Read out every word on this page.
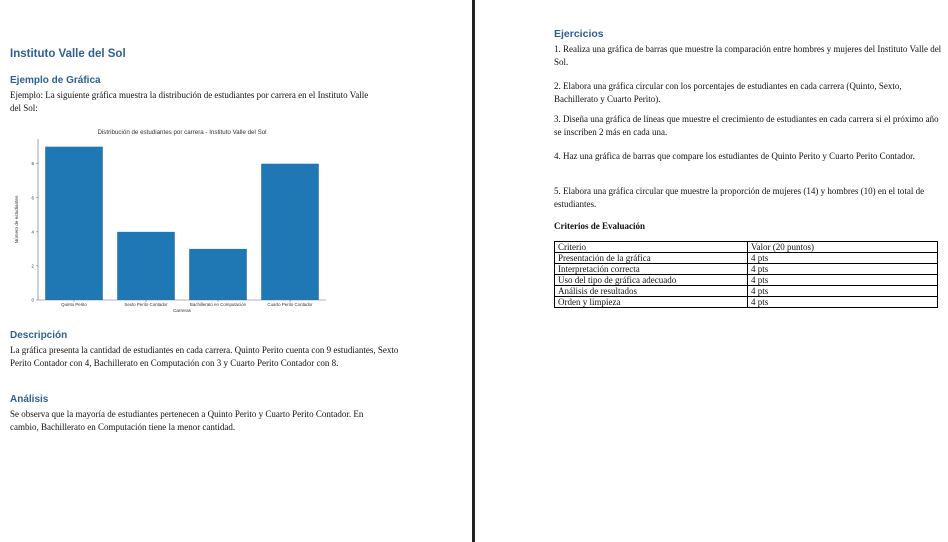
Instituto Valle del Sol
Ejemplo de Gráfica
Ejemplo: La siguiente gráfica muestra la distribución de estudiantes por carrera en el Instituto Valle del Sol:
Distribución de estudiantes por carrera - Instituto Valle del Sol
Quinto Perito	Sexto Perito Contador	Bachillerato en Computación	Cuarto Perito Contador
0
2
4
6
8
Carreras
Número de estudiantes
Descripción
La gráfica presenta la cantidad de estudiantes en cada carrera. Quinto Perito cuenta con 9 estudiantes, Sexto Perito Contador con 4, Bachillerato en Computación con 3 y Cuarto Perito Contador con 8.
Análisis
Se observa que la mayoría de estudiantes pertenecen a Quinto Perito y Cuarto Perito Contador. En cambio, Bachillerato en Computación tiene la menor cantidad.
Ejercicios
1. Realiza una gráfica de barras que muestre la comparación entre hombres y mujeres del Instituto Valle del Sol.
2. Elabora una gráfica circular con los porcentajes de estudiantes en cada carrera (Quinto, Sexto, Bachillerato y Cuarto Perito).
3. Diseña una gráfica de líneas que muestre el crecimiento de estudiantes en cada carrera si el próximo año se inscriben 2 más en cada una.
4. Haz una gráfica de barras que compare los estudiantes de Quinto Perito y Cuarto Perito Contador.
5. Elabora una gráfica circular que muestre la proporción de mujeres (14) y hombres (10) en el total de estudiantes.
Criterios de Evaluación
Criterio	Valor (20 puntos)
Presentación de la gráfica	4 pts
Interpretación correcta	4 pts
Uso del tipo de gráfica adecuado	4 pts
Análisis de resultados	4 pts
Orden y limpieza	4 pts
